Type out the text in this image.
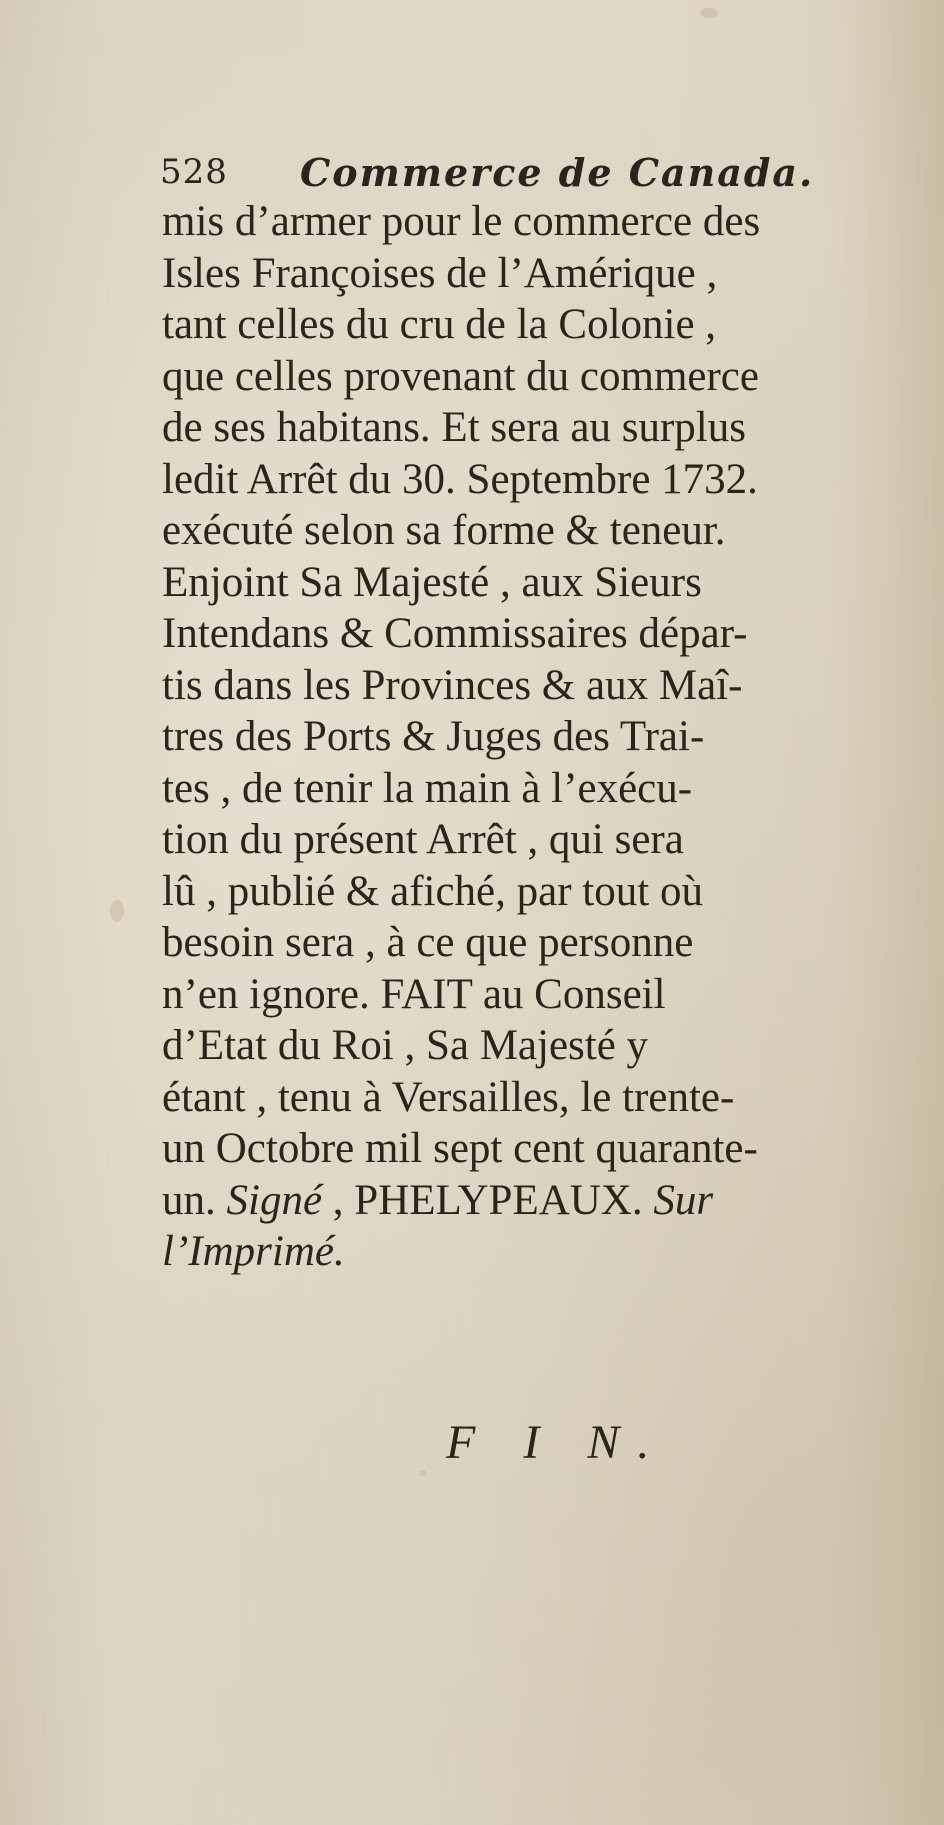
528 Commerce de Canada.
mis d’armer pour le commerce des
Isles Françoises de l’Amérique ,
tant celles du cru de la Colonie ,
que celles provenant du commerce
de ses habitans. Et sera au surplus
ledit Arrêt du 30. Septembre 1732.
exécuté selon sa forme & teneur.
Enjoint Sa Majesté , aux Sieurs
Intendans & Commissaires dépar-
tis dans les Provinces & aux Maî-
tres des Ports & Juges des Trai-
tes , de tenir la main à l’exécu-
tion du présent Arrêt , qui sera
lû , publié & afiché, par tout où
besoin sera , à ce que personne
n’en ignore. FAIT au Conseil
d’Etat du Roi , Sa Majesté y
étant , tenu à Versailles, le trente-
un Octobre mil sept cent quarante-
un. Signé , PHELYPEAUX. Sur
l’Imprimé.
F I N.
